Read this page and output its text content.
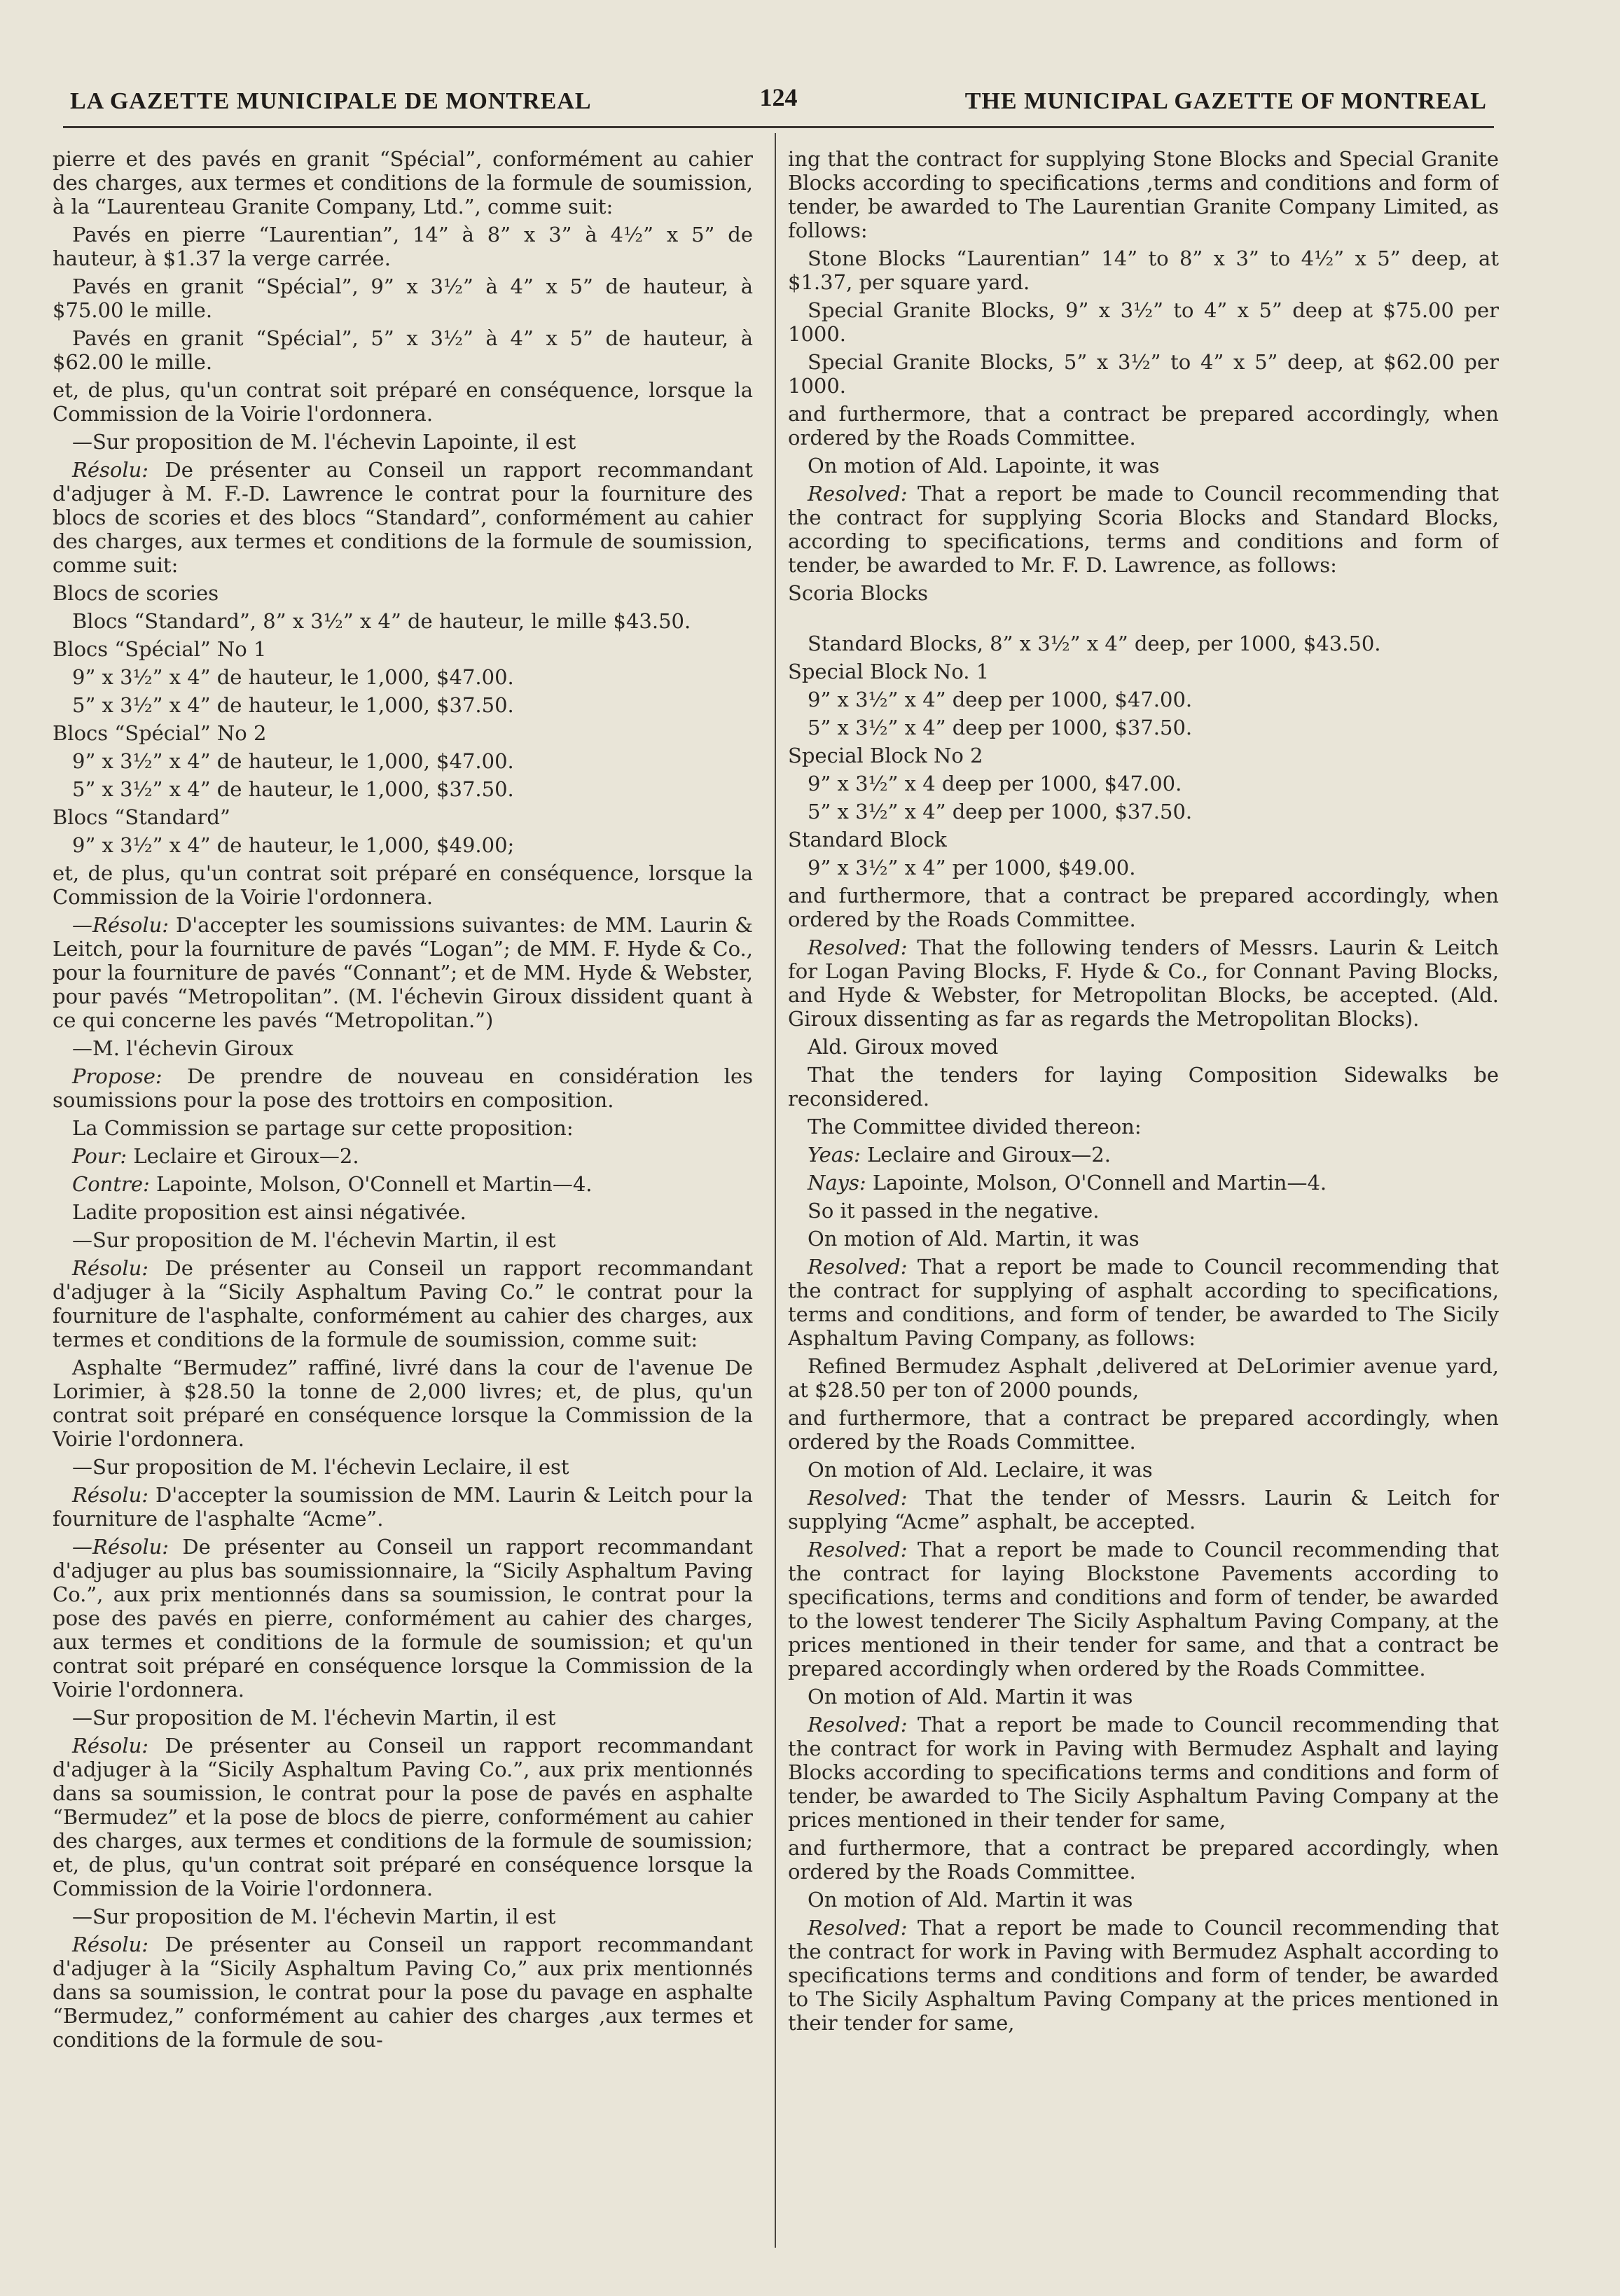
LA GAZETTE MUNICIPALE DE MONTREAL	124	THE MUNICIPAL GAZETTE OF MONTREAL

pierre et des pavés en granit “Spécial”, conformément au cahier des charges, aux termes et conditions de la formule de soumission, à la “Laurenteau Granite Company, Ltd.”, comme suit:

Pavés en pierre “Laurentian”, 14” à 8” x 3” à 4½” x 5” de hauteur, à $1.37 la verge carrée.

Pavés en granit “Spécial”, 9” x 3½” à 4” x 5” de hauteur, à $75.00 le mille.

Pavés en granit “Spécial”, 5” x 3½” à 4” x 5” de hauteur, à $62.00 le mille.

et, de plus, qu'un contrat soit préparé en conséquence, lorsque la Commission de la Voirie l'ordonnera.

—Sur proposition de M. l'échevin Lapointe, il est

Résolu: De présenter au Conseil un rapport recommandant d'adjuger à M. F.-D. Lawrence le contrat pour la fourniture des blocs de scories et des blocs “Standard”, conformément au cahier des charges, aux termes et conditions de la formule de soumission, comme suit:

Blocs de scories

Blocs “Standard”, 8” x 3½” x 4” de hauteur, le mille $43.50.

Blocs “Spécial” No 1

9” x 3½” x 4” de hauteur, le 1,000, $47.00.

5” x 3½” x 4” de hauteur, le 1,000, $37.50.

Blocs “Spécial” No 2

9” x 3½” x 4” de hauteur, le 1,000, $47.00.

5” x 3½” x 4” de hauteur, le 1,000, $37.50.

Blocs “Standard”

9” x 3½” x 4” de hauteur, le 1,000, $49.00;

et, de plus, qu'un contrat soit préparé en conséquence, lorsque la Commission de la Voirie l'ordonnera.

—Résolu: D'accepter les soumissions suivantes: de MM. Laurin & Leitch, pour la fourniture de pavés “Logan”; de MM. F. Hyde & Co., pour la fourniture de pavés “Connant”; et de MM. Hyde & Webster, pour pavés “Metropolitan”. (M. l'échevin Giroux dissident quant à ce qui concerne les pavés “Metropolitan.”)

—M. l'échevin Giroux

Propose: De prendre de nouveau en considération les soumissions pour la pose des trottoirs en composition.

La Commission se partage sur cette proposition:

Pour: Leclaire et Giroux—2.

Contre: Lapointe, Molson, O'Connell et Martin—4.

Ladite proposition est ainsi négativée.

—Sur proposition de M. l'échevin Martin, il est

Résolu: De présenter au Conseil un rapport recommandant d'adjuger à la “Sicily Asphaltum Paving Co.” le contrat pour la fourniture de l'asphalte, conformément au cahier des charges, aux termes et conditions de la formule de soumission, comme suit:

Asphalte “Bermudez” raffiné, livré dans la cour de l'avenue De Lorimier, à $28.50 la tonne de 2,000 livres; et, de plus, qu'un contrat soit préparé en conséquence lorsque la Commission de la Voirie l'ordonnera.

—Sur proposition de M. l'échevin Leclaire, il est

Résolu: D'accepter la soumission de MM. Laurin & Leitch pour la fourniture de l'asphalte “Acme”.

—Résolu: De présenter au Conseil un rapport recommandant d'adjuger au plus bas soumissionnaire, la “Sicily Asphaltum Paving Co.”, aux prix mentionnés dans sa soumission, le contrat pour la pose des pavés en pierre, conformément au cahier des charges, aux termes et conditions de la formule de soumission; et qu'un contrat soit préparé en conséquence lorsque la Commission de la Voirie l'ordonnera.

—Sur proposition de M. l'échevin Martin, il est

Résolu: De présenter au Conseil un rapport recommandant d'adjuger à la “Sicily Asphaltum Paving Co.”, aux prix mentionnés dans sa soumission, le contrat pour la pose de pavés en asphalte “Bermudez” et la pose de blocs de pierre, conformément au cahier des charges, aux termes et conditions de la formule de soumission; et, de plus, qu'un contrat soit préparé en conséquence lorsque la Commission de la Voirie l'ordonnera.

—Sur proposition de M. l'échevin Martin, il est

Résolu: De présenter au Conseil un rapport recommandant d'adjuger à la “Sicily Asphaltum Paving Co,” aux prix mentionnés dans sa soumission, le contrat pour la pose du pavage en asphalte “Bermudez,” conformément au cahier des charges ,aux termes et conditions de la formule de sou-

ing that the contract for supplying Stone Blocks and Special Granite Blocks according to specifications ,terms and conditions and form of tender, be awarded to The Laurentian Granite Company Limited, as follows:

Stone Blocks “Laurentian” 14” to 8” x 3” to 4½” x 5” deep, at $1.37, per square yard.

Special Granite Blocks, 9” x 3½” to 4” x 5” deep at $75.00 per 1000.

Special Granite Blocks, 5” x 3½” to 4” x 5” deep, at $62.00 per 1000.

and furthermore, that a contract be prepared accordingly, when ordered by the Roads Committee.

On motion of Ald. Lapointe, it was

Resolved: That a report be made to Council recommending that the contract for supplying Scoria Blocks and Standard Blocks, according to specifications, terms and conditions and form of tender, be awarded to Mr. F. D. Lawrence, as follows:

Scoria Blocks

Standard Blocks, 8” x 3½” x 4” deep, per 1000, $43.50.

Special Block No. 1

9” x 3½” x 4” deep per 1000, $47.00.

5” x 3½” x 4” deep per 1000, $37.50.

Special Block No 2

9” x 3½” x 4 deep per 1000, $47.00.

5” x 3½” x 4” deep per 1000, $37.50.

Standard Block

9” x 3½” x 4” per 1000, $49.00.

and furthermore, that a contract be prepared accordingly, when ordered by the Roads Committee.

Resolved: That the following tenders of Messrs. Laurin & Leitch for Logan Paving Blocks, F. Hyde & Co., for Connant Paving Blocks, and Hyde & Webster, for Metropolitan Blocks, be accepted. (Ald. Giroux dissenting as far as regards the Metropolitan Blocks).

Ald. Giroux moved

That the tenders for laying Composition Sidewalks be reconsidered.

The Committee divided thereon:

Yeas: Leclaire and Giroux—2.

Nays: Lapointe, Molson, O'Connell and Martin—4.

So it passed in the negative.

On motion of Ald. Martin, it was

Resolved: That a report be made to Council recommending that the contract for supplying of asphalt according to specifications, terms and conditions, and form of tender, be awarded to The Sicily Asphaltum Paving Company, as follows:

Refined Bermudez Asphalt ,delivered at DeLorimier avenue yard, at $28.50 per ton of 2000 pounds,

and furthermore, that a contract be prepared accordingly, when ordered by the Roads Committee.

On motion of Ald. Leclaire, it was

Resolved: That the tender of Messrs. Laurin & Leitch for supplying “Acme” asphalt, be accepted.

Resolved: That a report be made to Council recommending that the contract for laying Blockstone Pavements according to specifications, terms and conditions and form of tender, be awarded to the lowest tenderer The Sicily Asphaltum Paving Company, at the prices mentioned in their tender for same, and that a contract be prepared accordingly when ordered by the Roads Committee.

On motion of Ald. Martin it was

Resolved: That a report be made to Council recommending that the contract for work in Paving with Bermudez Asphalt and laying Blocks according to specifications terms and conditions and form of tender, be awarded to The Sicily Asphaltum Paving Company at the prices mentioned in their tender for same,

and furthermore, that a contract be prepared accordingly, when ordered by the Roads Committee.

On motion of Ald. Martin it was

Resolved: That a report be made to Council recommending that the contract for work in Paving with Bermudez Asphalt according to specifications terms and conditions and form of tender, be awarded to The Sicily Asphaltum Paving Company at the prices mentioned in their tender for same,
